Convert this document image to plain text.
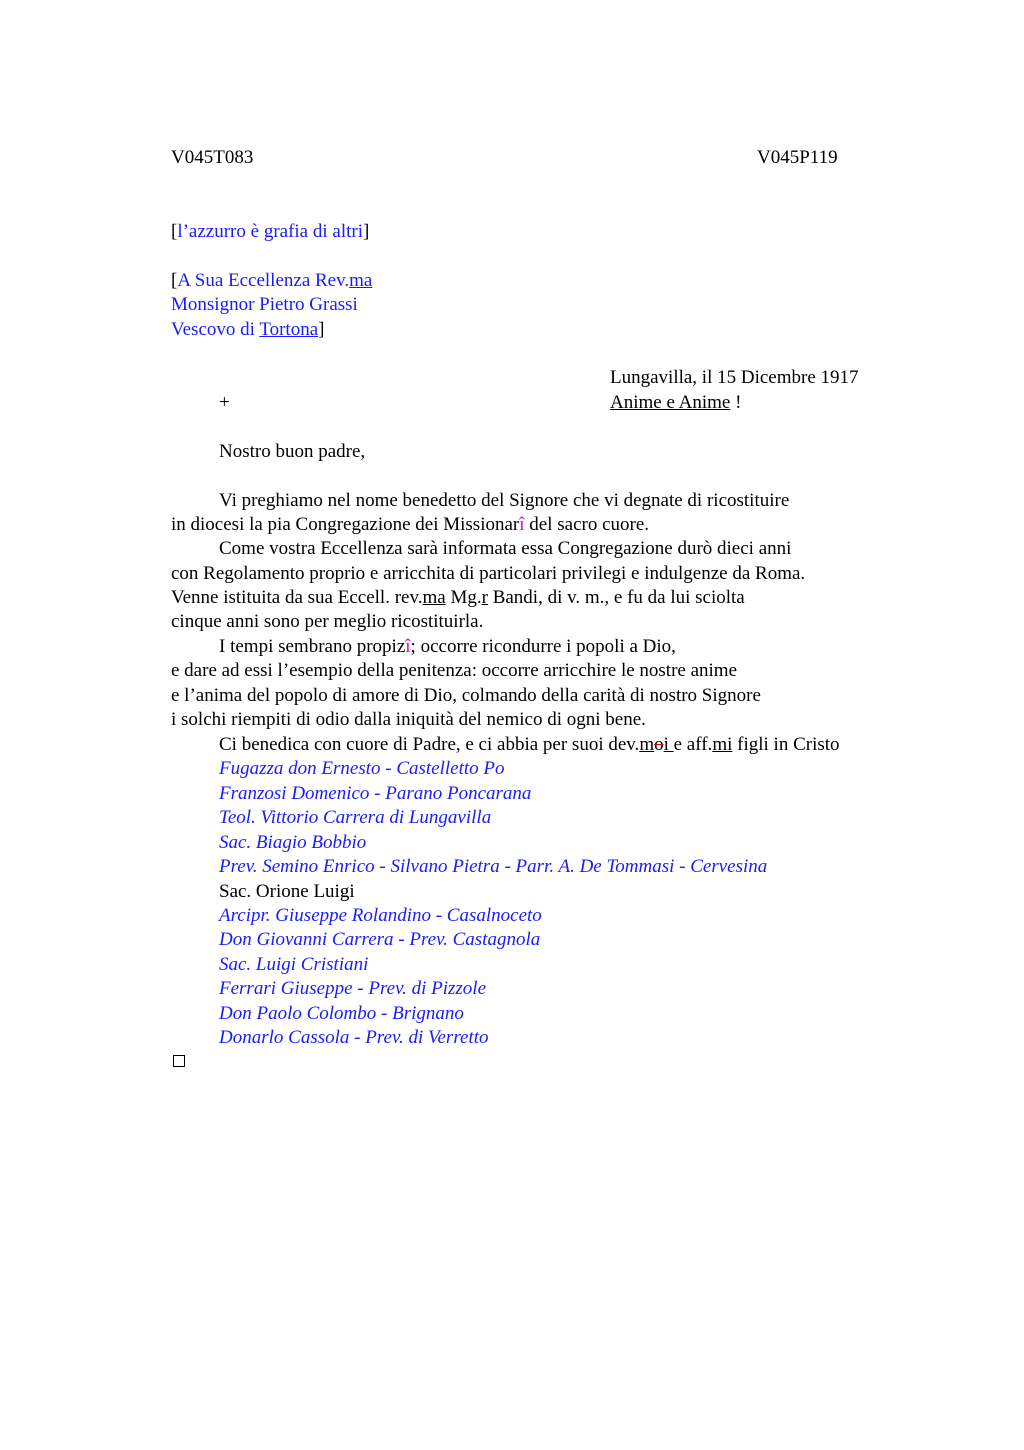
V045T083	V045P119
[l’azzurro è grafia di altri]
[A Sua Eccellenza Rev.ma
Monsignor Pietro Grassi
Vescovo di Tortona]
Lungavilla, il 15 Dicembre 1917
+	Anime e Anime !
Nostro buon padre,
Vi preghiamo nel nome benedetto del Signore che vi degnate di ricostituire
in diocesi la pia Congregazione dei Missionarî del sacro cuore.
Come vostra Eccellenza sarà informata essa Congregazione durò dieci anni
con Regolamento proprio e arricchita di particolari privilegi e indulgenze da Roma.
Venne istituita da sua Eccell. rev.ma Mg.r Bandi, di v. m., e fu da lui sciolta
cinque anni sono per meglio ricostituirla.
I tempi sembrano propizî; occorre ricondurre i popoli a Dio,
e dare ad essi l’esempio della penitenza: occorre arricchire le nostre anime
e l’anima del popolo di amore di Dio, colmando della carità di nostro Signore
i solchi riempiti di odio dalla iniquità del nemico di ogni bene.
Ci benedica con cuore di Padre, e ci abbia per suoi dev.moi e aff.mi figli in Cristo
Fugazza don Ernesto - Castelletto Po
Franzosi Domenico - Parano Poncarana
Teol. Vittorio Carrera di Lungavilla
Sac. Biagio Bobbio
Prev. Semino Enrico - Silvano Pietra - Parr. A. De Tommasi - Cervesina
Sac. Orione Luigi
Arcipr. Giuseppe Rolandino - Casalnoceto
Don Giovanni Carrera - Prev. Castagnola
Sac. Luigi Cristiani
Ferrari Giuseppe - Prev. di Pizzole
Don Paolo Colombo - Brignano
Donarlo Cassola - Prev. di Verretto
